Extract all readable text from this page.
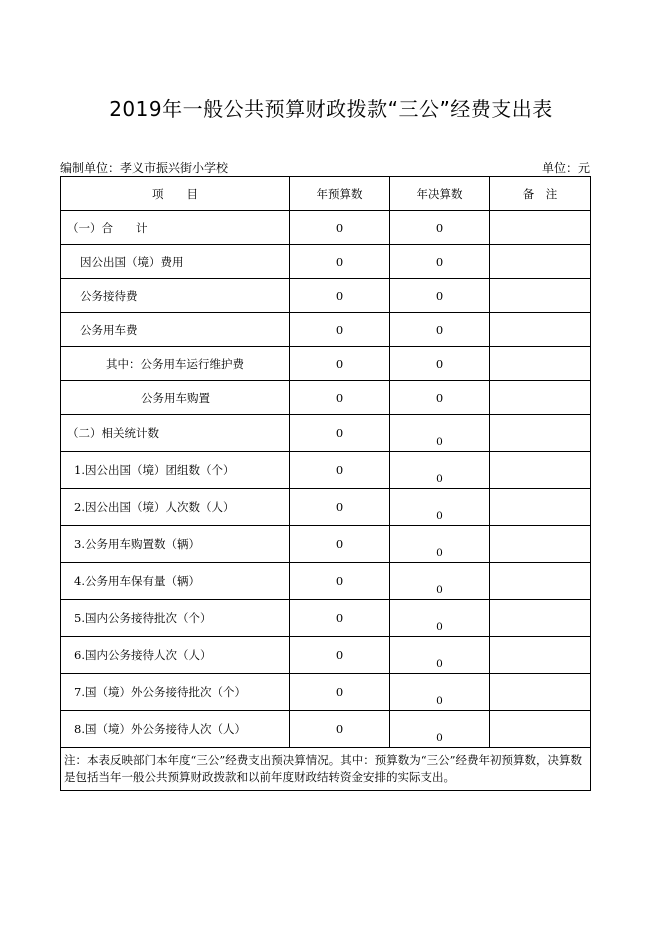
2019年一般公共预算财政拨款“三公”经费支出表
编制单位：孝义市振兴街小学校	单位：元
项　　目	年预算数	年决算数	备　注
（一）合　　计	0	0	
因公出国（境）费用	0	0	
公务接待费	0	0	
公务用车费	0	0	
其中：公务用车运行维护费	0	0	
公务用车购置	0	0	
（二）相关统计数	0	0	
1.因公出国（境）团组数（个）	0	0	
2.因公出国（境）人次数（人）	0	0	
3.公务用车购置数（辆）	0	0	
4.公务用车保有量（辆）	0	0	
5.国内公务接待批次（个）	0	0	
6.国内公务接待人次（人）	0	0	
7.国（境）外公务接待批次（个）	0	0	
8.国（境）外公务接待人次（人）	0	0	
注：本表反映部门本年度“三公”经费支出预决算情况。其中：预算数为“三公”经费年初预算数，决算数是包括当年一般公共预算财政拨款和以前年度财政结转资金安排的实际支出。			
